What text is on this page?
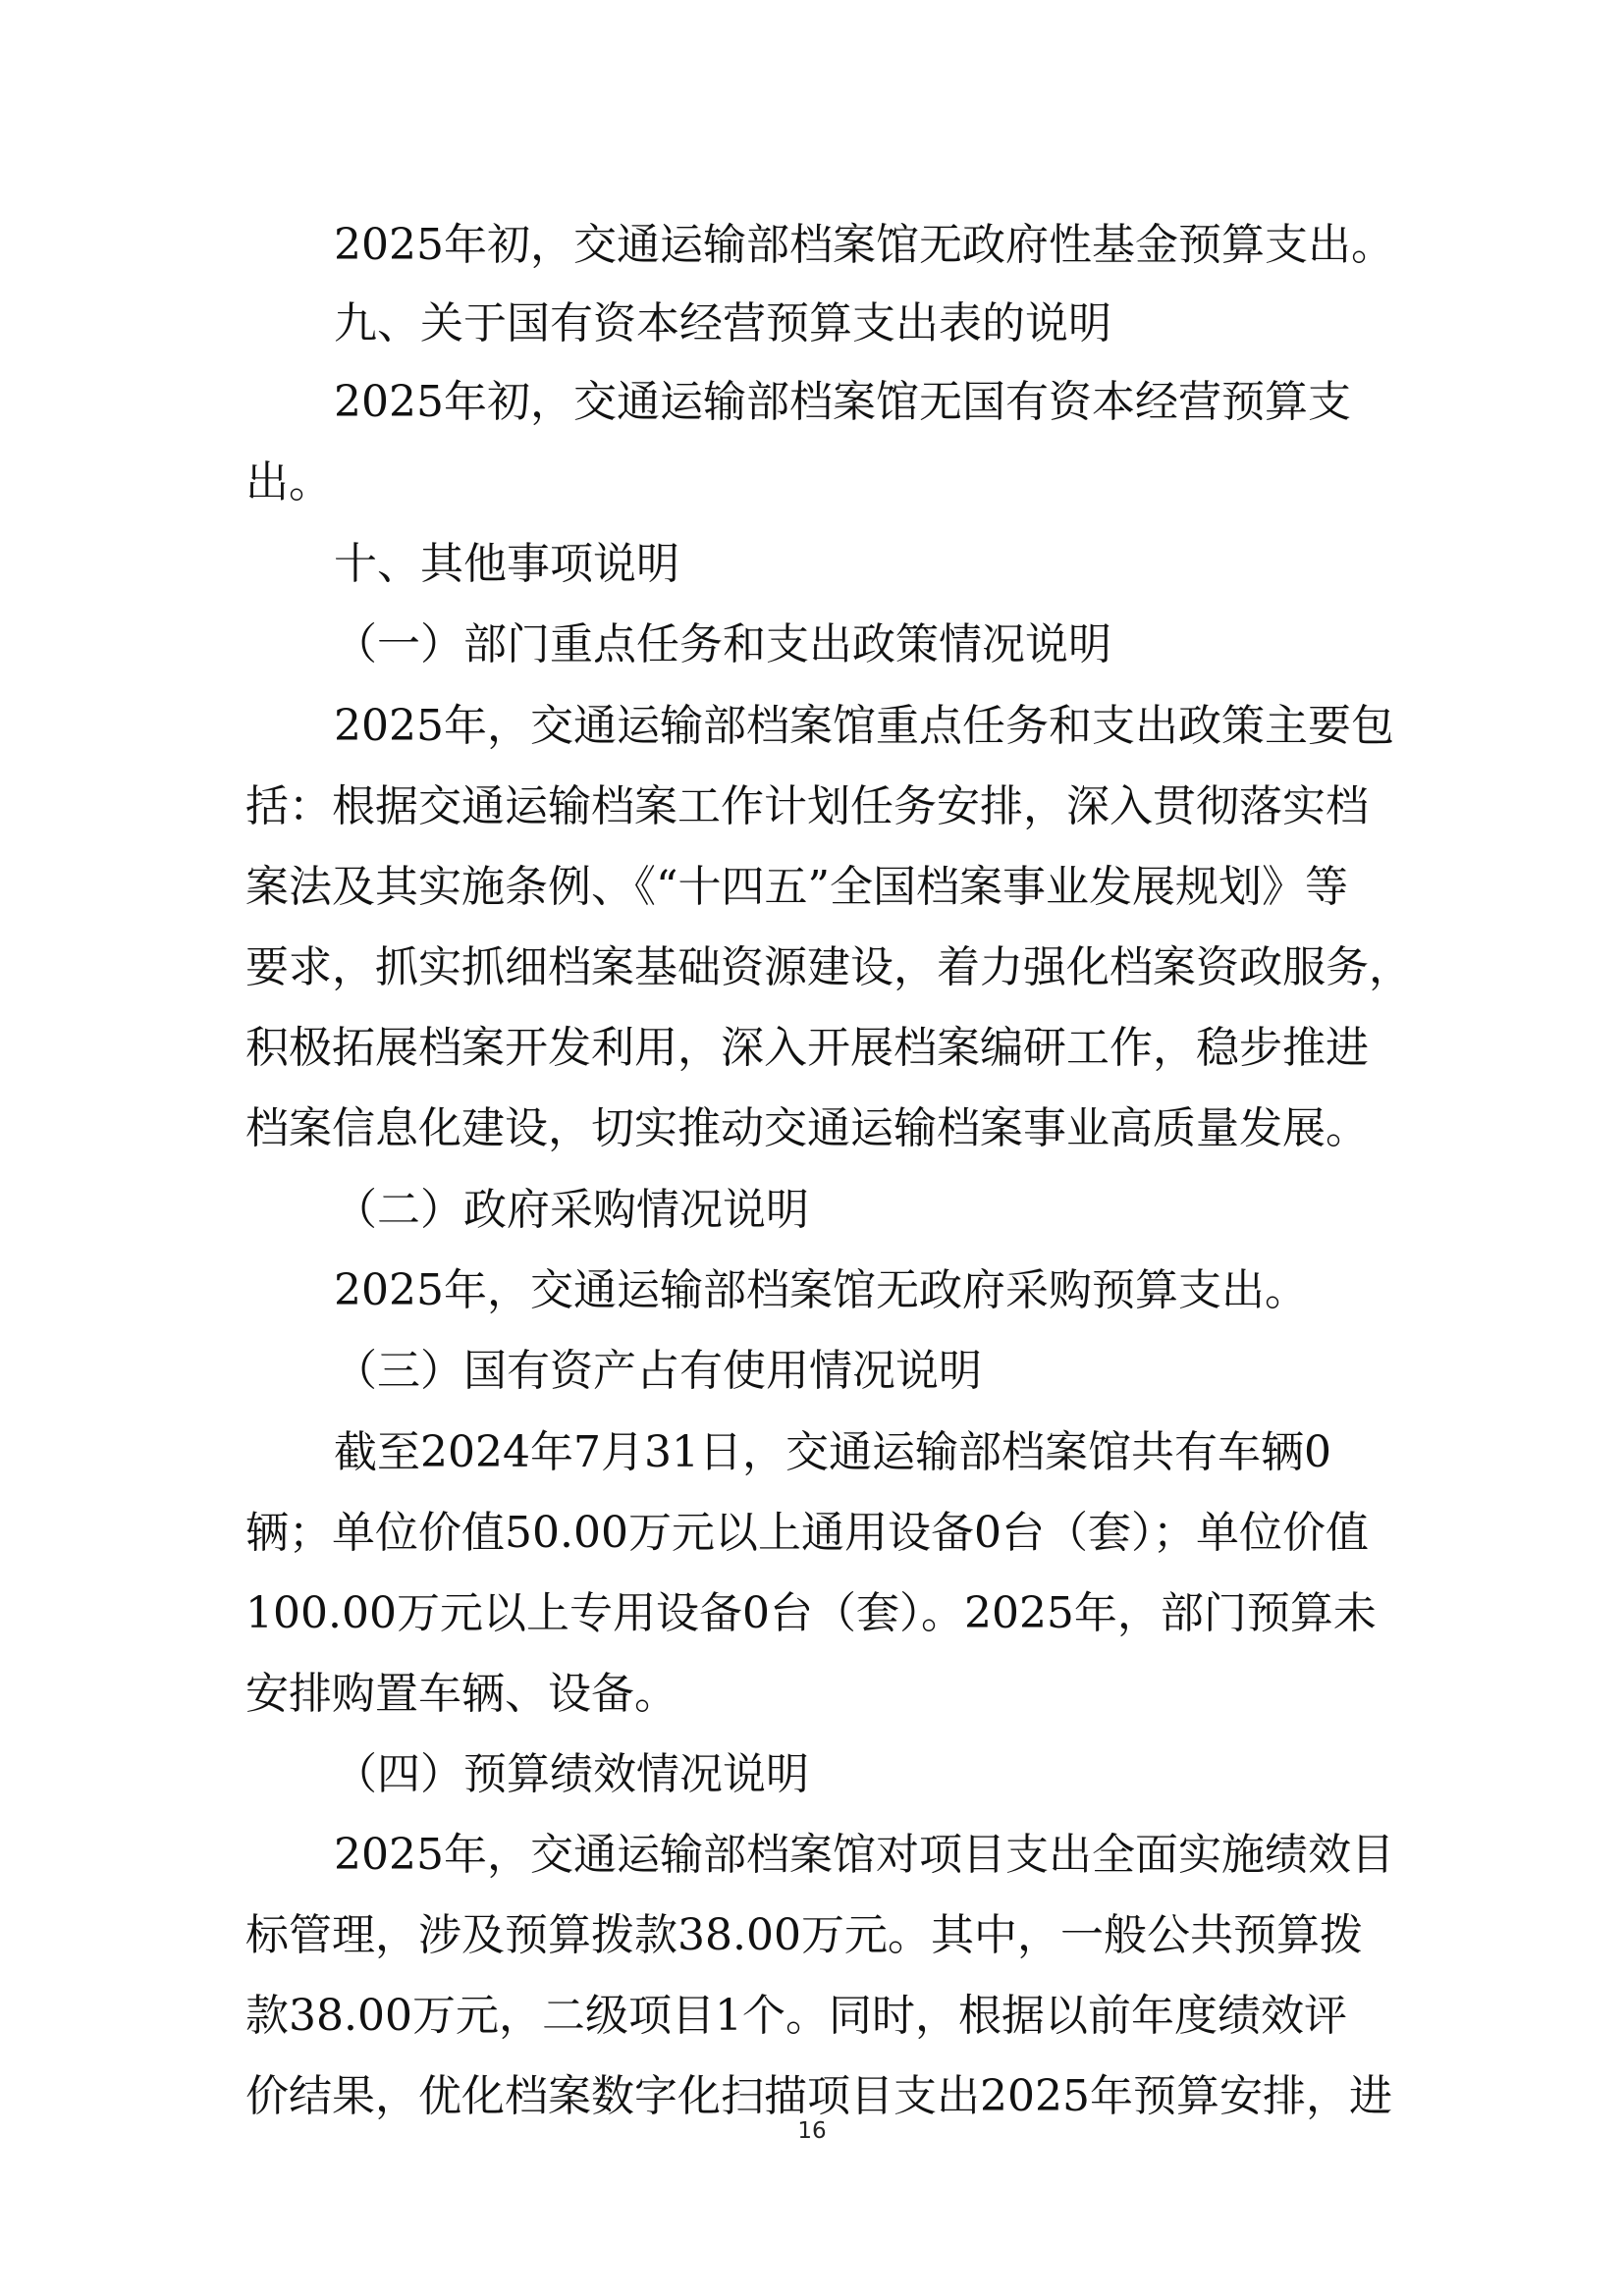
2025年初，交通运输部档案馆无政府性基金预算支出。
九、关于国有资本经营预算支出表的说明
2025年初，交通运输部档案馆无国有资本经营预算支
出。
十、其他事项说明
（一）部门重点任务和支出政策情况说明
2025年，交通运输部档案馆重点任务和支出政策主要包
括：根据交通运输档案工作计划任务安排，深入贯彻落实档
案法及其实施条例、《“十四五”全国档案事业发展规划》等
要求，抓实抓细档案基础资源建设，着力强化档案资政服务，
积极拓展档案开发利用，深入开展档案编研工作，稳步推进
档案信息化建设，切实推动交通运输档案事业高质量发展。
（二）政府采购情况说明
2025年，交通运输部档案馆无政府采购预算支出。
（三）国有资产占有使用情况说明
截至2024年7月31日，交通运输部档案馆共有车辆0
辆；单位价值50.00万元以上通用设备0台（套）；单位价值
100.00万元以上专用设备0台（套）。2025年，部门预算未
安排购置车辆、设备。
（四）预算绩效情况说明
2025年，交通运输部档案馆对项目支出全面实施绩效目
标管理，涉及预算拨款38.00万元。其中，一般公共预算拨
款38.00万元，二级项目1个。同时，根据以前年度绩效评
价结果，优化档案数字化扫描项目支出2025年预算安排，进
16
